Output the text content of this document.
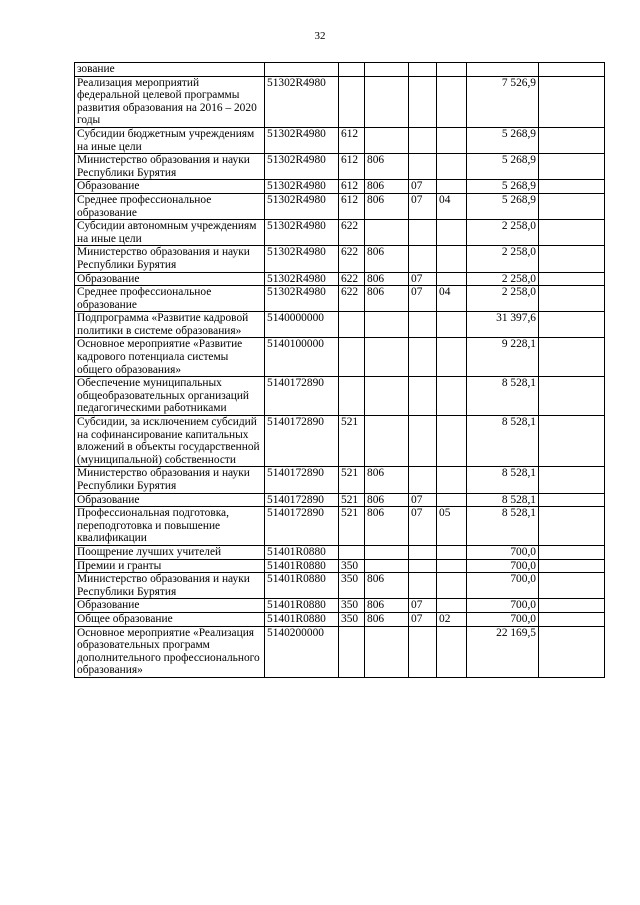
32
зование							
Реализация мероприятий федеральной целевой программы развития образования на 2016 – 2020 годы	51302R4980					7 526,9	
Субсидии бюджетным учреждениям на иные цели	51302R4980	612				5 268,9	
Министерство образования и науки Республики Бурятия	51302R4980	612	806			5 268,9	
Образование	51302R4980	612	806	07		5 268,9	
Среднее профессиональное образование	51302R4980	612	806	07	04	5 268,9	
Субсидии автономным учреждениям на иные цели	51302R4980	622				2 258,0	
Министерство образования и науки Республики Бурятия	51302R4980	622	806			2 258,0	
Образование	51302R4980	622	806	07		2 258,0	
Среднее профессиональное образование	51302R4980	622	806	07	04	2 258,0	
Подпрограмма «Развитие кадровой политики в системе образования»	5140000000					31 397,6	
Основное мероприятие «Развитие кадрового потенциала системы общего образования»	5140100000					9 228,1	
Обеспечение муниципальных общеобразовательных организаций педагогическими работниками	5140172890					8 528,1	
Субсидии, за исключением субсидий на софинансирование капитальных вложений в объекты государственной (муниципальной) собственности	5140172890	521				8 528,1	
Министерство образования и науки Республики Бурятия	5140172890	521	806			8 528,1	
Образование	5140172890	521	806	07		8 528,1	
Профессиональная подготовка, переподготовка и повышение квалификации	5140172890	521	806	07	05	8 528,1	
Поощрение лучших учителей	51401R0880					700,0	
Премии и гранты	51401R0880	350				700,0	
Министерство образования и науки Республики Бурятия	51401R0880	350	806			700,0	
Образование	51401R0880	350	806	07		700,0	
Общее образование	51401R0880	350	806	07	02	700,0	
Основное мероприятие «Реализация образовательных программ дополнительного профессионального образования»	5140200000					22 169,5	
